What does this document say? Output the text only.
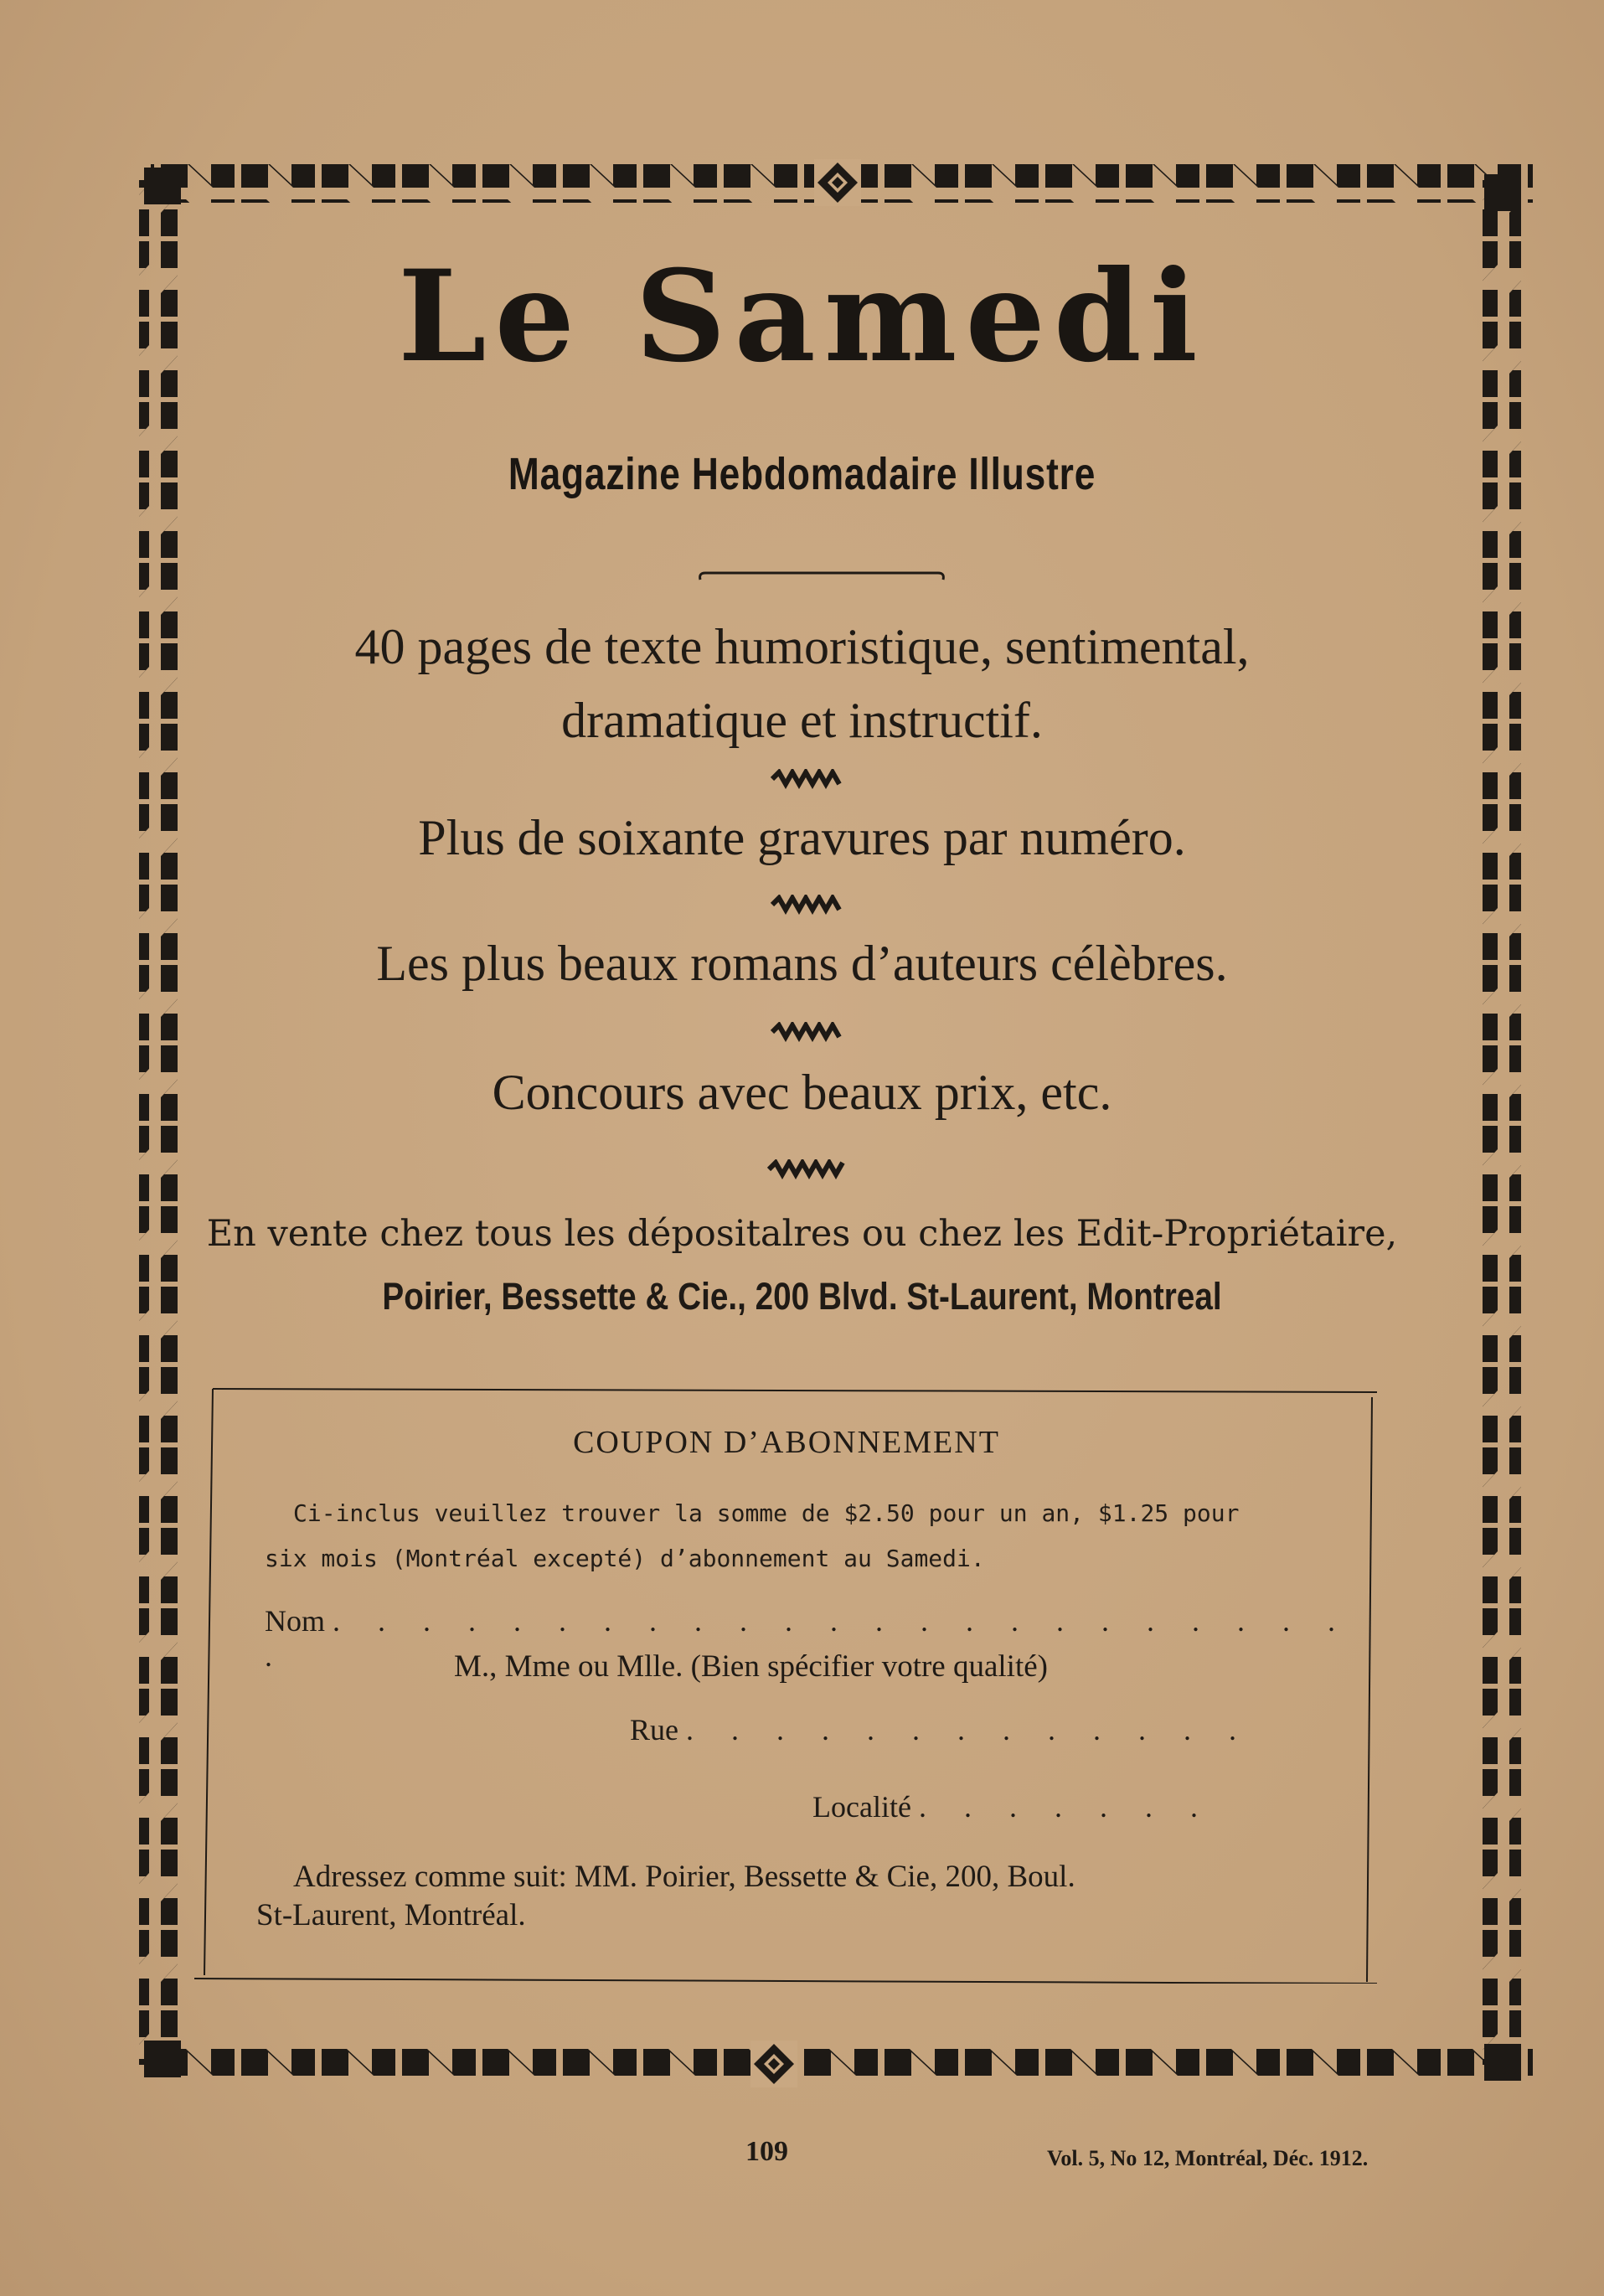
Le Samedi
Magazine Hebdomadaire Illustre
40 pages de texte humoristique, sentimental,
dramatique et instructif.
Plus de soixante gravures par numéro.
Les plus beaux romans d’auteurs célèbres.
Concours avec beaux prix, etc.
En vente chez tous les dépositalres ou chez les Edit-Propriétaire,
Poirier, Bessette & Cie., 200 Blvd. St-Laurent, Montreal
COUPON D’ABONNEMENT
Ci-inclus veuillez trouver la somme de $2.50 pour un an, $1.25 pour
six mois (Montréal excepté) d’abonnement au Samedi.
Nom . . . . . . . . . . . . . . . . . . . . . . . .	M., Mme ou Mlle. (Bien spécifier votre qualité)
Rue . . . . . . . . . . . . .
Localité . . . . . . .
Adressez comme suit: MM. Poirier, Bessette & Cie, 200, Boul.
St-Laurent, Montréal.
109	Vol. 5, No 12, Montréal, Déc. 1912.
